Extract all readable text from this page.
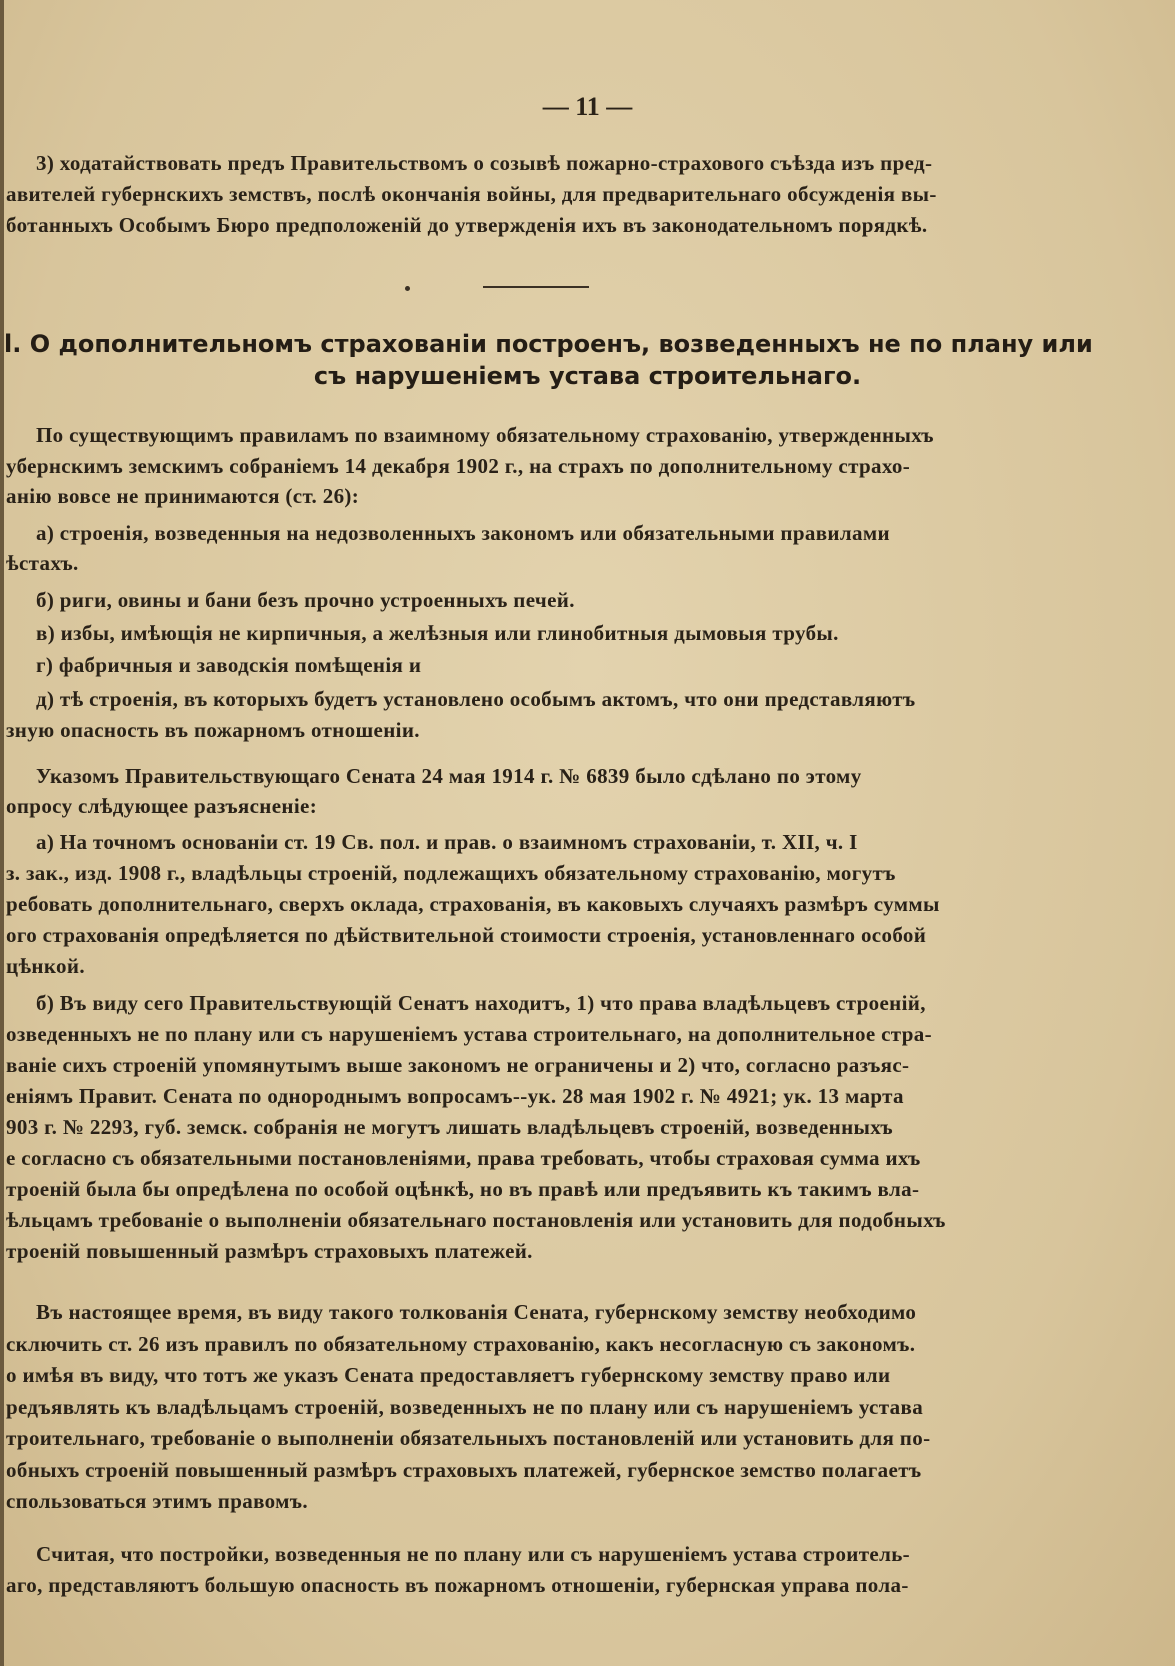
— 11 —
3) ходатайствовать предъ Правительствомъ о созывѣ пожарно-страхового съѣзда изъ пред-
авителей губернскихъ земствъ, послѣ окончанія войны, для предварительнаго обсужденія вы-
ботанныхъ Особымъ Бюро предположеній до утвержденія ихъ въ законодательномъ порядкѣ.
l. О дополнительномъ страхованіи построенъ, возведенныхъ не по плану или
съ нарушеніемъ устава строительнаго.
По существующимъ правиламъ по взаимному обязательному страхованію, утвержденныхъ
убернскимъ земскимъ собраніемъ 14 декабря 1902 г., на страхъ по дополнительному страхо-
анію вовсе не принимаются (ст. 26):
а) строенія, возведенныя на недозволенныхъ закономъ или обязательными правилами
ѣстахъ.
б) риги, овины и бани безъ прочно устроенныхъ печей.
в) избы, имѣющія не кирпичныя, а желѣзныя или глинобитныя дымовыя трубы.
г) фабричныя и заводскія помѣщенія и
д) тѣ строенія, въ которыхъ будетъ установлено особымъ актомъ, что они представляютъ
зную опасность въ пожарномъ отношеніи.
Указомъ Правительствующаго Сената 24 мая 1914 г. № 6839 было сдѣлано по этому
опросу слѣдующее разъясненіе:
а) На точномъ основаніи ст. 19 Св. пол. и прав. о взаимномъ страхованіи, т. XII, ч. I
з. зак., изд. 1908 г., владѣльцы строеній, подлежащихъ обязательному страхованію, могутъ
ребовать дополнительнаго, сверхъ оклада, страхованія, въ каковыхъ случаяхъ размѣръ суммы
ого страхованія опредѣляется по дѣйствительной стоимости строенія, установленнаго особой
цѣнкой.
б) Въ виду сего Правительствующій Сенатъ находитъ, 1) что права владѣльцевъ строеній,
озведенныхъ не по плану или съ нарушеніемъ устава строительнаго, на дополнительное стра-
ваніе сихъ строеній упомянутымъ выше закономъ не ограничены и 2) что, согласно разъяс-
еніямъ Правит. Сената по однороднымъ вопросамъ--ук. 28 мая 1902 г. № 4921; ук. 13 марта
903 г. № 2293, губ. земск. собранія не могутъ лишать владѣльцевъ строеній, возведенныхъ
е согласно съ обязательными постановленіями, права требовать, чтобы страховая сумма ихъ
троеній была бы опредѣлена по особой оцѣнкѣ, но въ правѣ или предъявить къ такимъ вла-
ѣльцамъ требованіе о выполненіи обязательнаго постановленія или установить для подобныхъ
троеній повышенный размѣръ страховыхъ платежей.
Въ настоящее время, въ виду такого толкованія Сената, губернскому земству необходимо
сключить ст. 26 изъ правилъ по обязательному страхованію, какъ несогласную съ закономъ.
о имѣя въ виду, что тотъ же указъ Сената предоставляетъ губернскому земству право или
редъявлять къ владѣльцамъ строеній, возведенныхъ не по плану или съ нарушеніемъ устава
троительнаго, требованіе о выполненіи обязательныхъ постановленій или установить для по-
обныхъ строеній повышенный размѣръ страховыхъ платежей, губернское земство полагаетъ
спользоваться этимъ правомъ.
Считая, что постройки, возведенныя не по плану или съ нарушеніемъ устава строитель-
аго, представляютъ большую опасность въ пожарномъ отношеніи, губернская управа пола-
